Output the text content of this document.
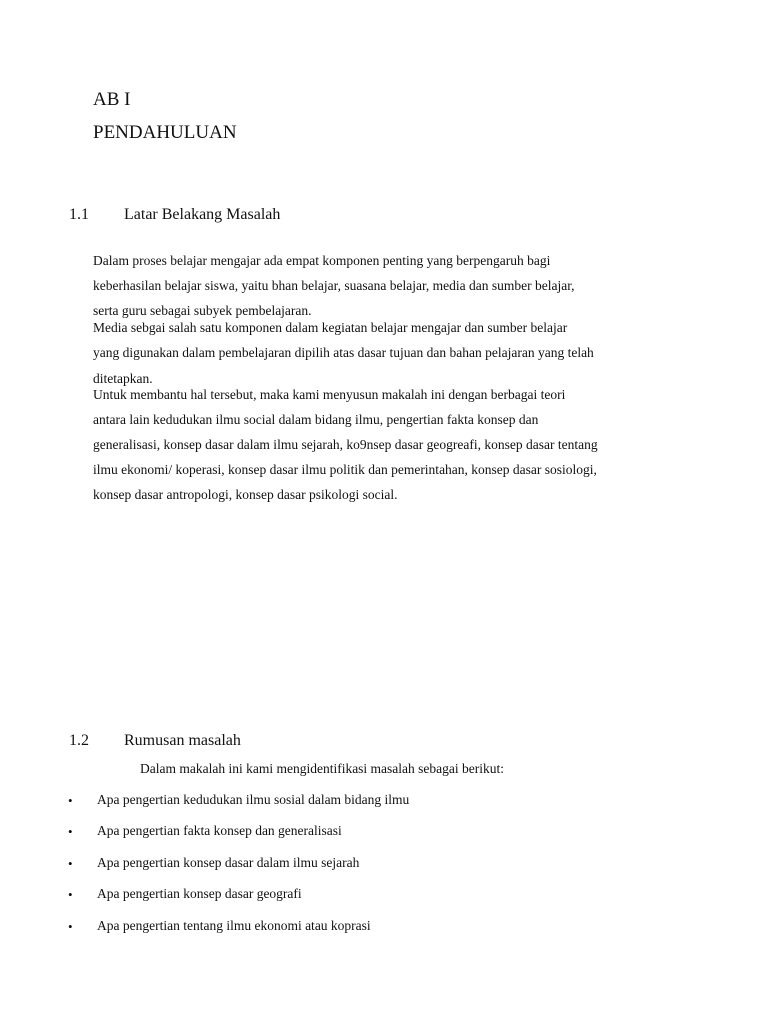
AB I
PENDAHULUAN
1.1 Latar Belakang Masalah
Dalam proses belajar mengajar ada empat komponen penting yang berpengaruh bagi
keberhasilan belajar siswa, yaitu bhan belajar, suasana belajar, media dan sumber belajar,
serta guru sebagai subyek pembelajaran.
Media sebgai salah satu komponen dalam kegiatan belajar mengajar dan sumber belajar
yang digunakan dalam pembelajaran dipilih atas dasar tujuan dan bahan pelajaran yang telah
ditetapkan.
Untuk membantu hal tersebut, maka kami menyusun makalah ini dengan berbagai teori
antara lain kedudukan ilmu social dalam bidang ilmu, pengertian fakta konsep dan
generalisasi, konsep dasar dalam ilmu sejarah, ko9nsep dasar geogreafi, konsep dasar tentang
ilmu ekonomi/ koperasi, konsep dasar ilmu politik dan pemerintahan, konsep dasar sosiologi,
konsep dasar antropologi, konsep dasar psikologi social.
1.2 Rumusan masalah
Dalam makalah ini kami mengidentifikasi masalah sebagai berikut:
• Apa pengertian kedudukan ilmu sosial dalam bidang ilmu
• Apa pengertian fakta konsep dan generalisasi
• Apa pengertian konsep dasar dalam ilmu sejarah
• Apa pengertian konsep dasar geografi
• Apa pengertian tentang ilmu ekonomi atau koprasi
